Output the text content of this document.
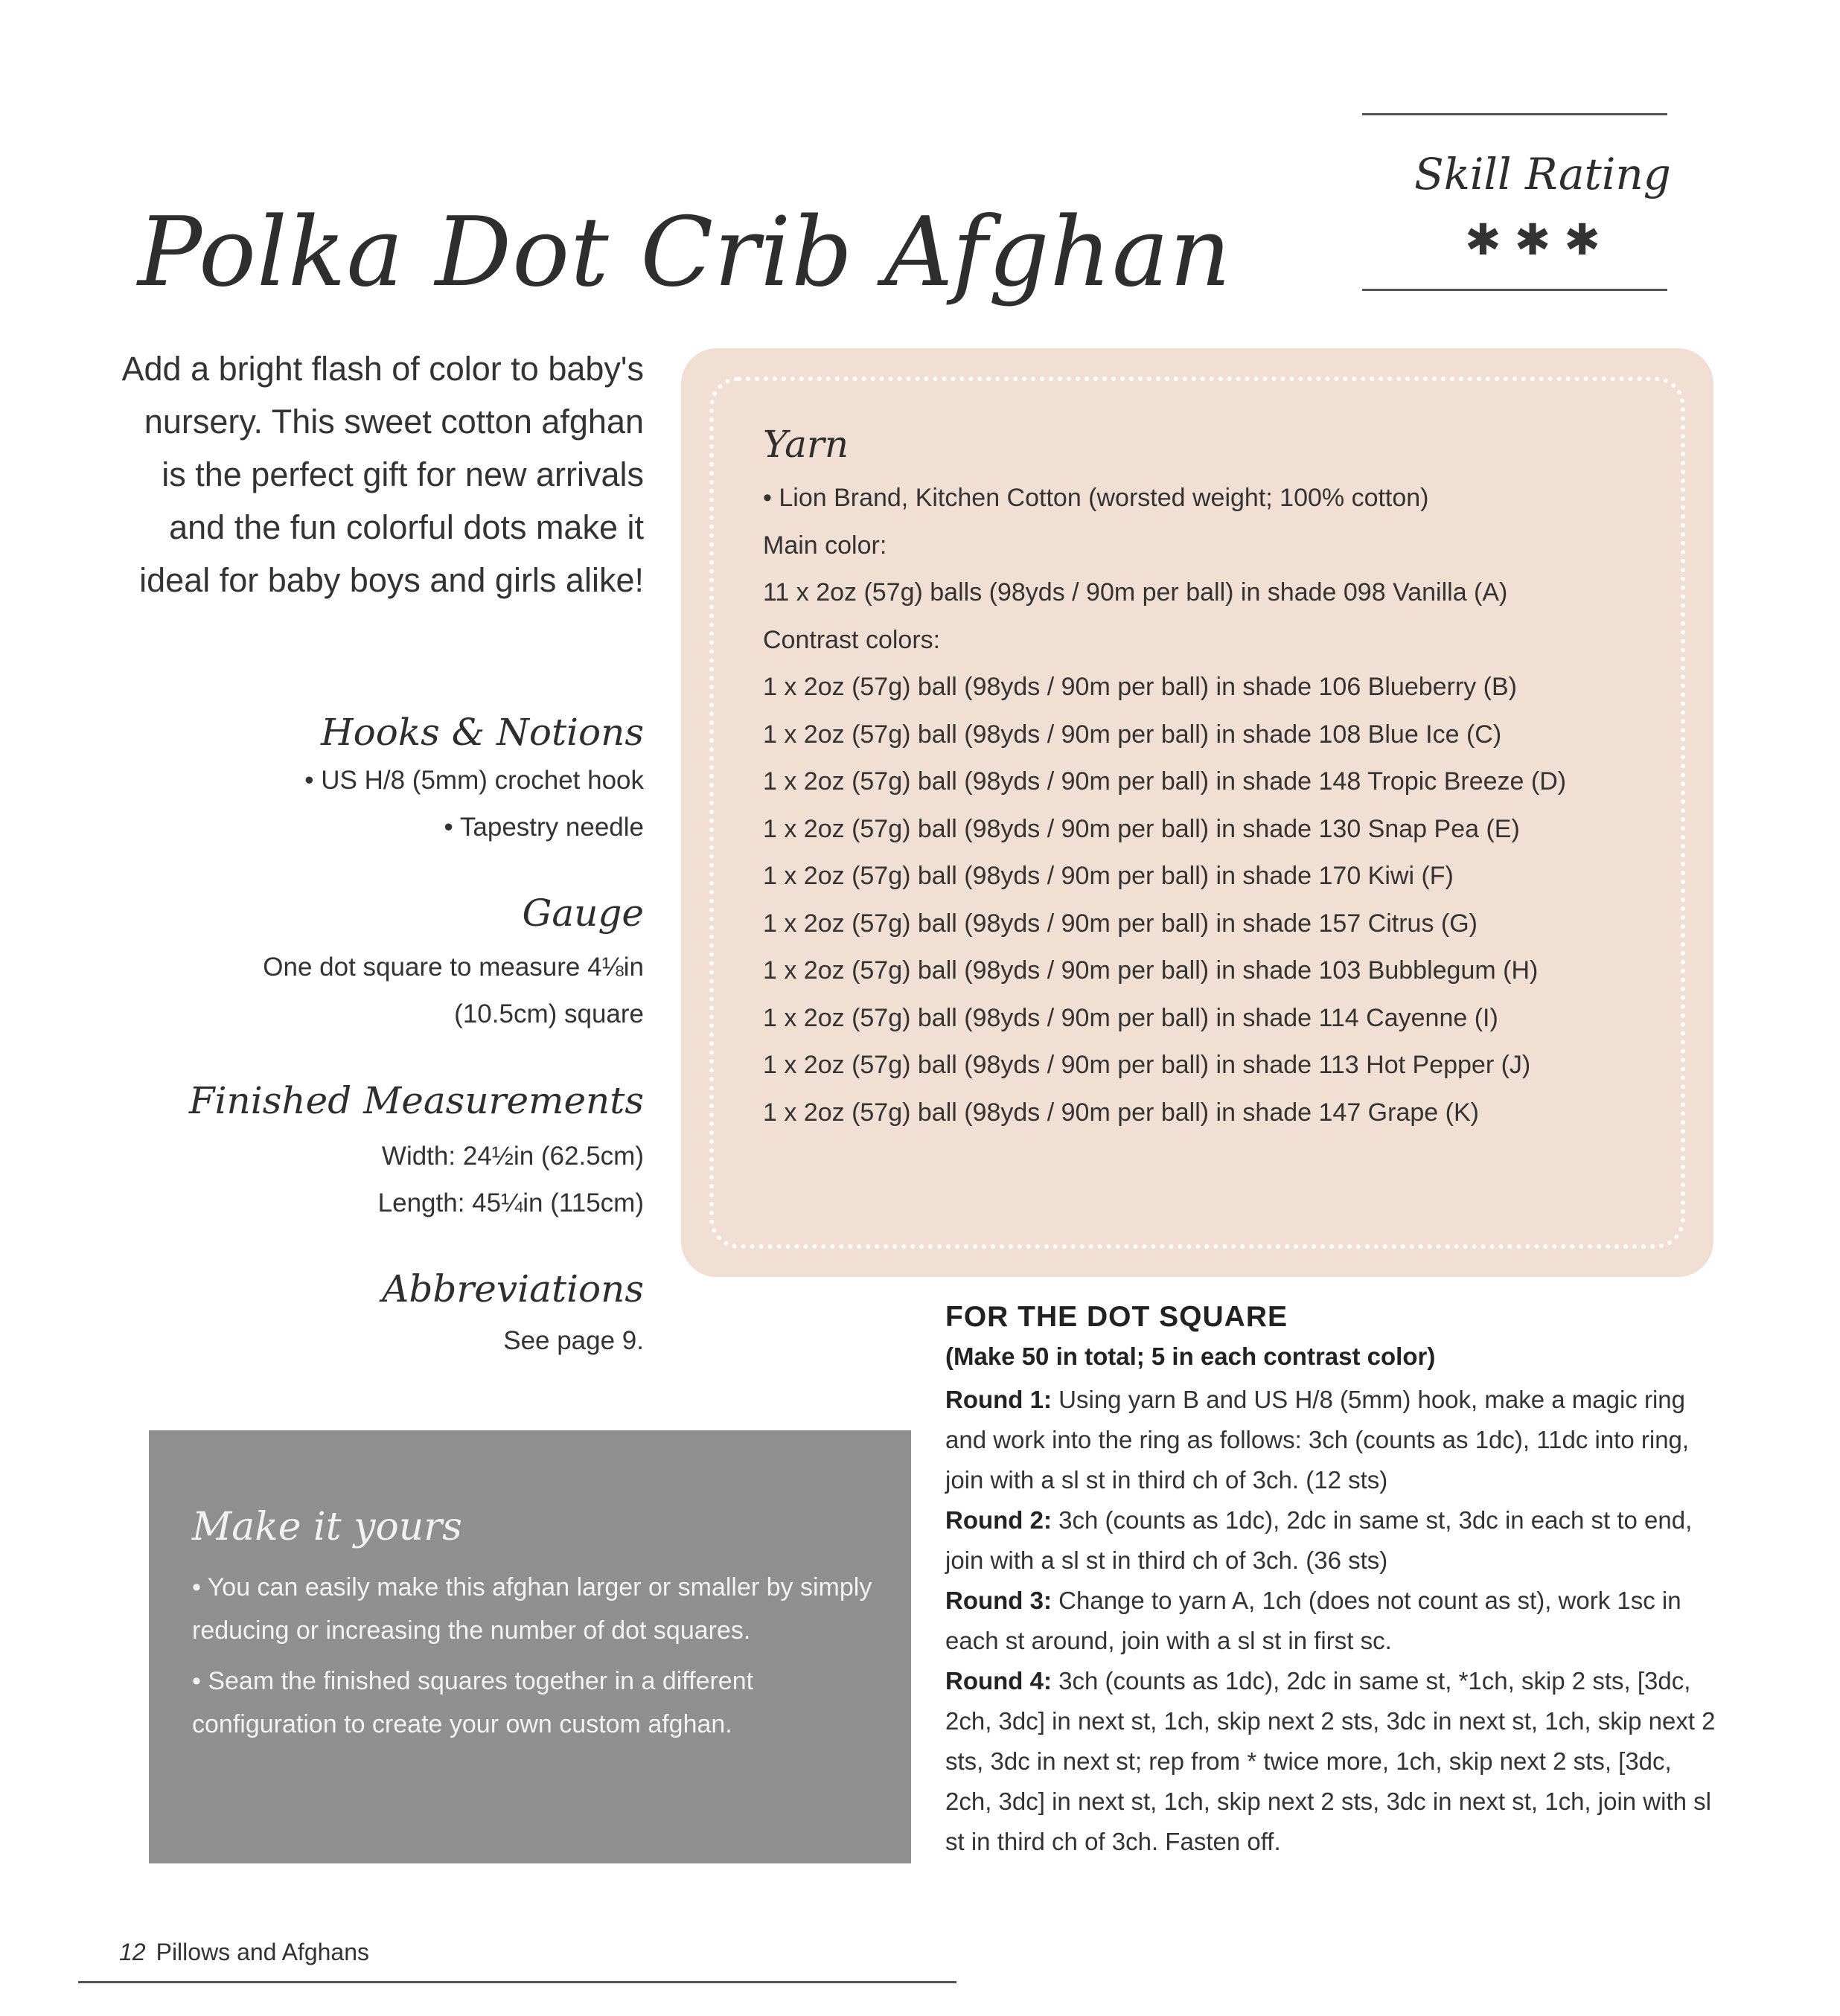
Polka Dot Crib Afghan
Skill Rating
✱✱✱
Add a bright flash of color to baby's nursery. This sweet cotton afghan is the perfect gift for new arrivals and the fun colorful dots make it ideal for baby boys and girls alike!
Hooks & Notions
• US H/8 (5mm) crochet hook
• Tapestry needle
Gauge
One dot square to measure 4⅛in
(10.5cm) square
Finished Measurements
Width: 24½in (62.5cm)
Length: 45¼in (115cm)
Abbreviations
See page 9.
Yarn
• Lion Brand, Kitchen Cotton (worsted weight; 100% cotton)
Main color:
11 x 2oz (57g) balls (98yds / 90m per ball) in shade 098 Vanilla (A)
Contrast colors:
1 x 2oz (57g) ball (98yds / 90m per ball) in shade 106 Blueberry (B)
1 x 2oz (57g) ball (98yds / 90m per ball) in shade 108 Blue Ice (C)
1 x 2oz (57g) ball (98yds / 90m per ball) in shade 148 Tropic Breeze (D)
1 x 2oz (57g) ball (98yds / 90m per ball) in shade 130 Snap Pea (E)
1 x 2oz (57g) ball (98yds / 90m per ball) in shade 170 Kiwi (F)
1 x 2oz (57g) ball (98yds / 90m per ball) in shade 157 Citrus (G)
1 x 2oz (57g) ball (98yds / 90m per ball) in shade 103 Bubblegum (H)
1 x 2oz (57g) ball (98yds / 90m per ball) in shade 114 Cayenne (I)
1 x 2oz (57g) ball (98yds / 90m per ball) in shade 113 Hot Pepper (J)
1 x 2oz (57g) ball (98yds / 90m per ball) in shade 147 Grape (K)
Make it yours
• You can easily make this afghan larger or smaller by simply reducing or increasing the number of dot squares.
• Seam the finished squares together in a different configuration to create your own custom afghan.
FOR THE DOT SQUARE
(Make 50 in total; 5 in each contrast color)
Round 1: Using yarn B and US H/8 (5mm) hook, make a magic ring and work into the ring as follows: 3ch (counts as 1dc), 11dc into ring, join with a sl st in third ch of 3ch. (12 sts)
Round 2: 3ch (counts as 1dc), 2dc in same st, 3dc in each st to end, join with a sl st in third ch of 3ch. (36 sts)
Round 3: Change to yarn A, 1ch (does not count as st), work 1sc in each st around, join with a sl st in first sc.
Round 4: 3ch (counts as 1dc), 2dc in same st, *1ch, skip 2 sts, [3dc, 2ch, 3dc] in next st, 1ch, skip next 2 sts, 3dc in next st, 1ch, skip next 2 sts, 3dc in next st; rep from * twice more, 1ch, skip next 2 sts, [3dc, 2ch, 3dc] in next st, 1ch, skip next 2 sts, 3dc in next st, 1ch, join with sl st in third ch of 3ch. Fasten off.
12 Pillows and Afghans
